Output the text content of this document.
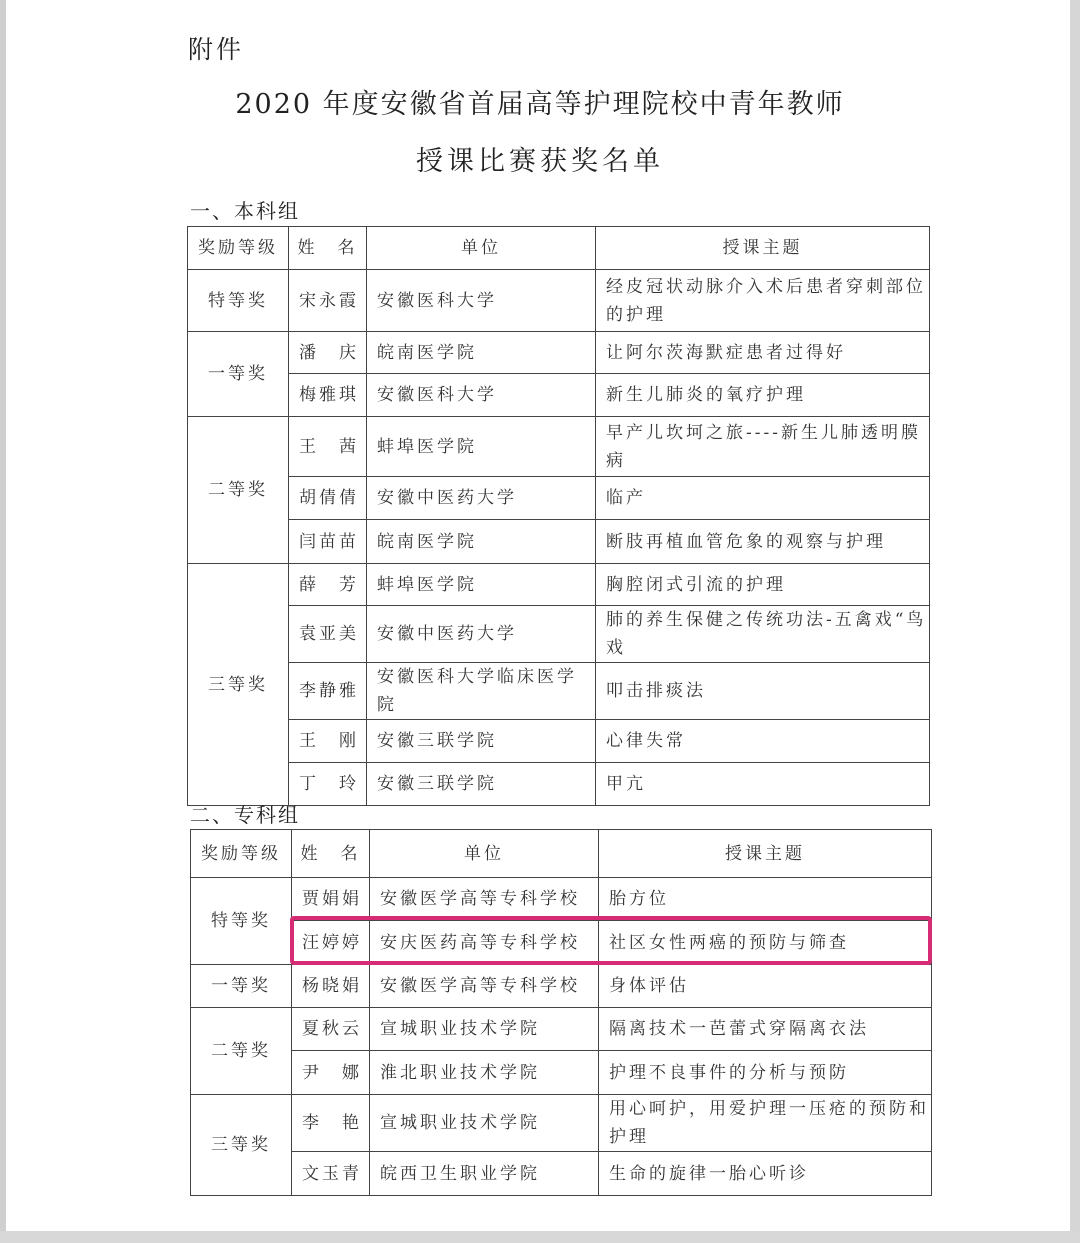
附件
2020 年度安徽省首届高等护理院校中青年教师
授课比赛获奖名单
一、本科组
奖励等级	姓　名	单位	授课主题
特等奖	宋永霞	安徽医科大学	经皮冠状动脉介入术后患者穿刺部位的护理
一等奖	潘　庆	皖南医学院	让阿尔茨海默症患者过得好
	梅雅琪	安徽医科大学	新生儿肺炎的氧疗护理
二等奖	王　茜	蚌埠医学院	早产儿坎坷之旅----新生儿肺透明膜病
	胡倩倩	安徽中医药大学	临产
	闫苗苗	皖南医学院	断肢再植血管危象的观察与护理
三等奖	薛　芳	蚌埠医学院	胸腔闭式引流的护理
	袁亚美	安徽中医药大学	肺的养生保健之传统功法-五禽戏“鸟戏
	李静雅	安徽医科大学临床医学院	叩击排痰法
	王　刚	安徽三联学院	心律失常
	丁　玲	安徽三联学院	甲亢
二、专科组
奖励等级	姓　名	单位	授课主题
特等奖	贾娟娟	安徽医学高等专科学校	胎方位
	汪婷婷	安庆医药高等专科学校	社区女性两癌的预防与筛查
一等奖	杨晓娟	安徽医学高等专科学校	身体评估
二等奖	夏秋云	宣城职业技术学院	隔离技术一芭蕾式穿隔离衣法
	尹　娜	淮北职业技术学院	护理不良事件的分析与预防
三等奖	李　艳	宣城职业技术学院	用心呵护，用爱护理一压疮的预防和护理
	文玉青	皖西卫生职业学院	生命的旋律一胎心听诊
